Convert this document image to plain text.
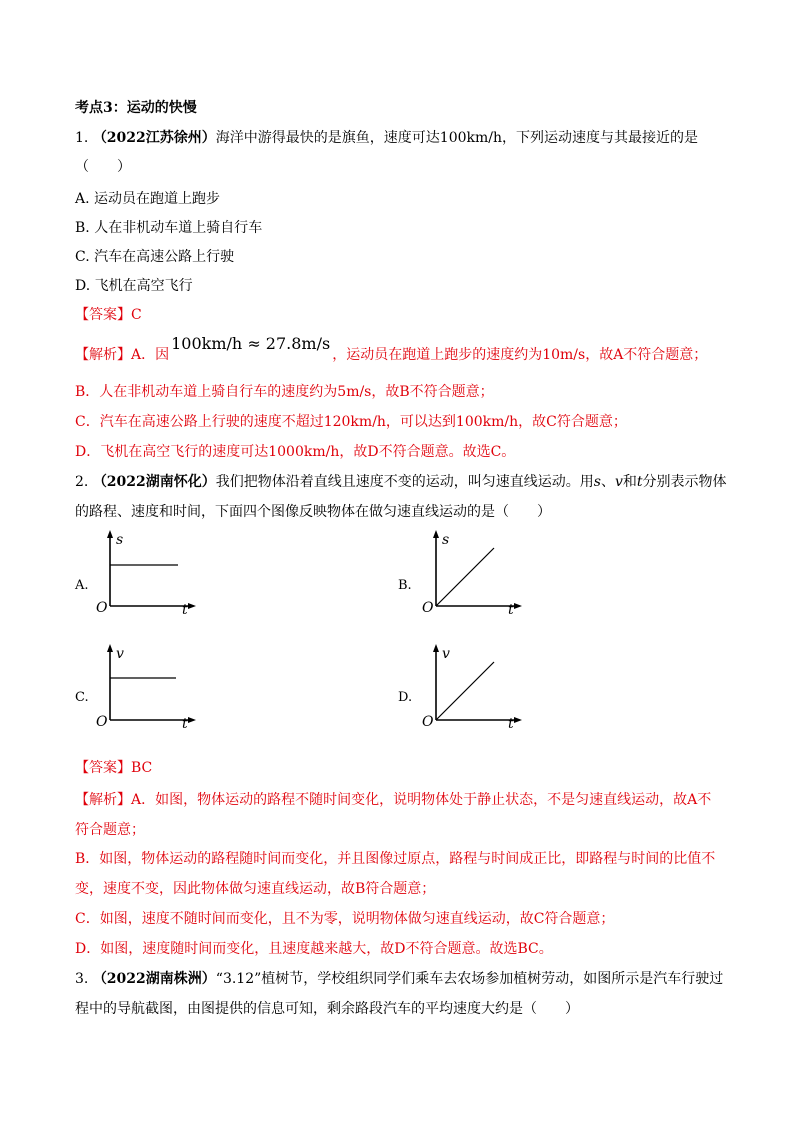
考点3：运动的快慢
1. （2022江苏徐州）海洋中游得最快的是旗鱼，速度可达100km/h，下列运动速度与其最接近的是
（　　）
A. 运动员在跑道上跑步
B. 人在非机动车道上骑自行车
C. 汽车在高速公路上行驶
D. 飞机在高空飞行
【答案】C
【解析】A．因100km/h ≈ 27.8m/s，运动员在跑道上跑步的速度约为10m/s，故A不符合题意；
B．人在非机动车道上骑自行车的速度约为5m/s，故B不符合题意；
C．汽车在高速公路上行驶的速度不超过120km/h，可以达到100km/h，故C符合题意；
D．飞机在高空飞行的速度可达1000km/h，故D不符合题意。故选C。
2. （2022湖南怀化）我们把物体沿着直线且速度不变的运动，叫匀速直线运动。用s、v和t分别表示物体
的路程、速度和时间，下面四个图像反映物体在做匀速直线运动的是（　　）
A.
s
t
O
B.
s
t
O
C.
v
t
O
D.
v
t
O
【答案】BC
【解析】A．如图，物体运动的路程不随时间变化，说明物体处于静止状态，不是匀速直线运动，故A不
符合题意；
B．如图，物体运动的路程随时间而变化，并且图像过原点，路程与时间成正比，即路程与时间的比值不
变，速度不变，因此物体做匀速直线运动，故B符合题意；
C．如图，速度不随时间而变化，且不为零，说明物体做匀速直线运动，故C符合题意；
D．如图，速度随时间而变化，且速度越来越大，故D不符合题意。故选BC。
3. （2022湖南株洲）“3.12”植树节，学校组织同学们乘车去农场参加植树劳动，如图所示是汽车行驶过
程中的导航截图，由图提供的信息可知，剩余路段汽车的平均速度大约是（　　）
